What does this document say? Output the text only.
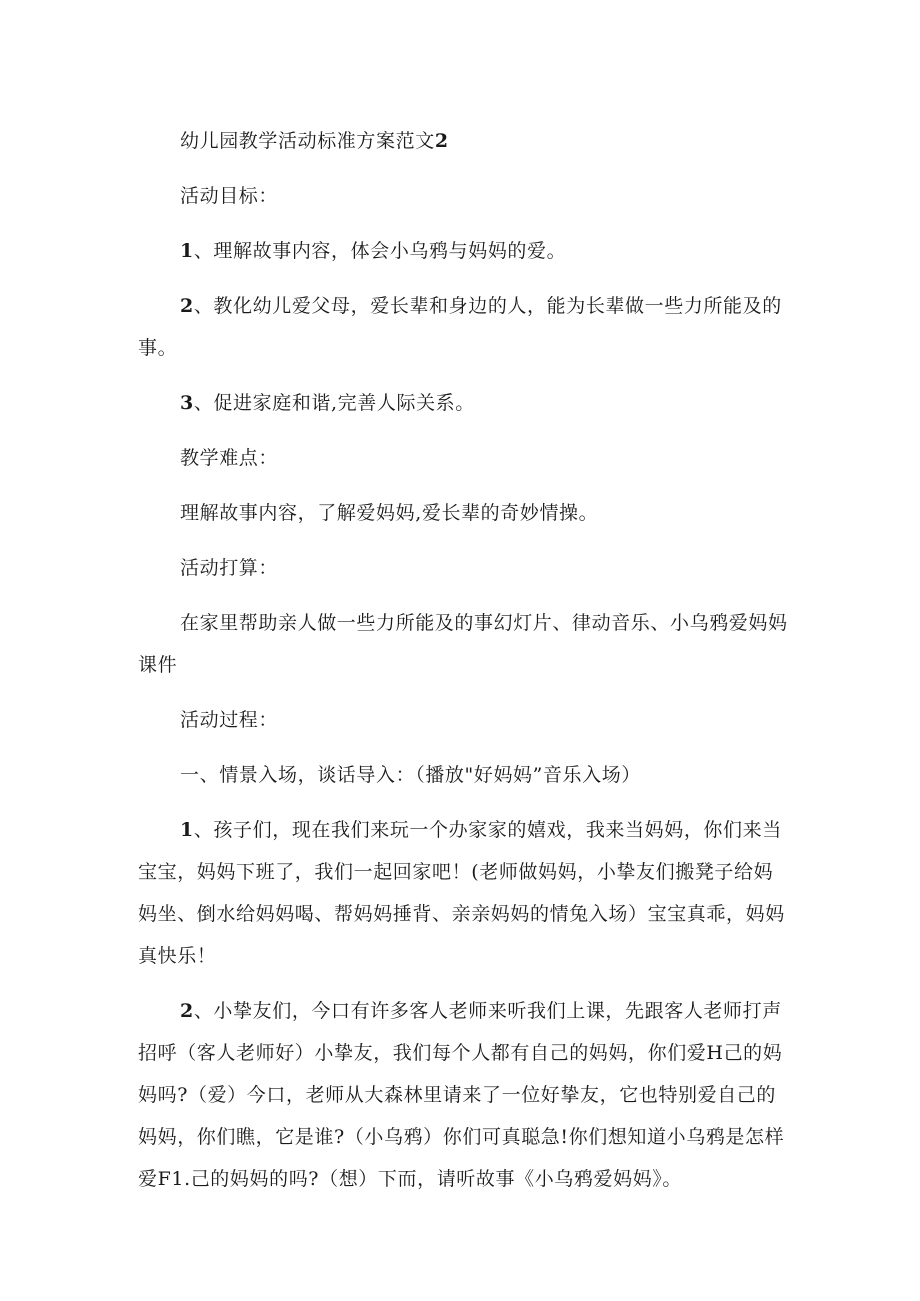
幼儿园教学活动标准方案范文2

活动目标：

1、理解故事内容，体会小乌鸦与妈妈的爱。

2、教化幼儿爱父母，爱长辈和身边的人，能为长辈做一些力所能及的事。

3、促进家庭和谐,完善人际关系。

教学难点：

理解故事内容，了解爱妈妈,爱长辈的奇妙情操。

活动打算：

在家里帮助亲人做一些力所能及的事幻灯片、律动音乐、小乌鸦爱妈妈课件

活动过程：

一、情景入场，谈话导入：（播放"好妈妈”音乐入场）

1、孩子们，现在我们来玩一个办家家的嬉戏，我来当妈妈，你们来当宝宝，妈妈下班了，我们一起回家吧！(老师做妈妈，小挚友们搬凳子给妈妈坐、倒水给妈妈喝、帮妈妈捶背、亲亲妈妈的情兔入场）宝宝真乖，妈妈真快乐！

2、小挚友们，今口有许多客人老师来听我们上课，先跟客人老师打声招呼（客人老师好）小挚友，我们每个人都有自己的妈妈，你们爱H己的妈妈吗?（爱）今口，老师从大森林里请来了一位好挚友，它也特别爱自己的妈妈，你们瞧，它是谁?（小乌鸦）你们可真聪急!你们想知道小乌鸦是怎样爱F1.己的妈妈的吗?（想）下而，请听故事《小乌鸦爱妈妈》。
